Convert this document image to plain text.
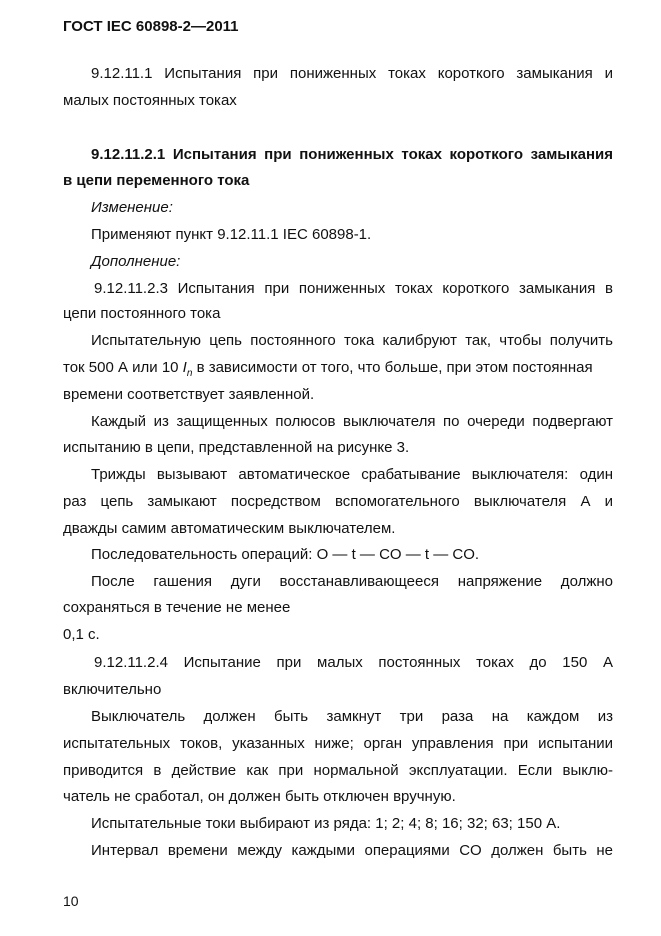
ГОСТ IEC 60898-2—2011
9.12.11.1 Испытания при пониженных токах короткого замыкания и
малых постоянных токах
9.12.11.2.1 Испытания при пониженных токах короткого замыкания
в цепи переменного тока
Изменение:
Применяют пункт 9.12.11.1 IEC 60898-1.
Дополнение:
9.12.11.2.3 Испытания при пониженных токах короткого замыкания в
цепи постоянного тока
Испытательную цепь постоянного тока калибруют так, чтобы получить
ток 500 А или 10 $I_n$ в зависимости от того, что больше, при этом постоянная
времени соответствует заявленной.
Каждый из защищенных полюсов выключателя по очереди подвергают
испытанию в цепи, представленной на рисунке 3.
Трижды вызывают автоматическое срабатывание выключателя: один
раз цепь замыкают посредством вспомогательного выключателя А и
дважды самим автоматическим выключателем.
Последовательность операций: О — t — CO — t — CO.
После гашения дуги восстанавливающееся напряжение должно
сохраняться в течение не менее
0,1 с.
9.12.11.2.4 Испытание при малых постоянных токах до 150 А
включительно
Выключатель должен быть замкнут три раза на каждом из
испытательных токов, указанных ниже; орган управления при испытании
приводится в действие как при нормальной эксплуатации. Если выклю-
чатель не сработал, он должен быть отключен вручную.
Испытательные токи выбирают из ряда: 1; 2; 4; 8; 16; 32; 63; 150 А.
Интервал времени между каждыми операциями CO должен быть не
10
